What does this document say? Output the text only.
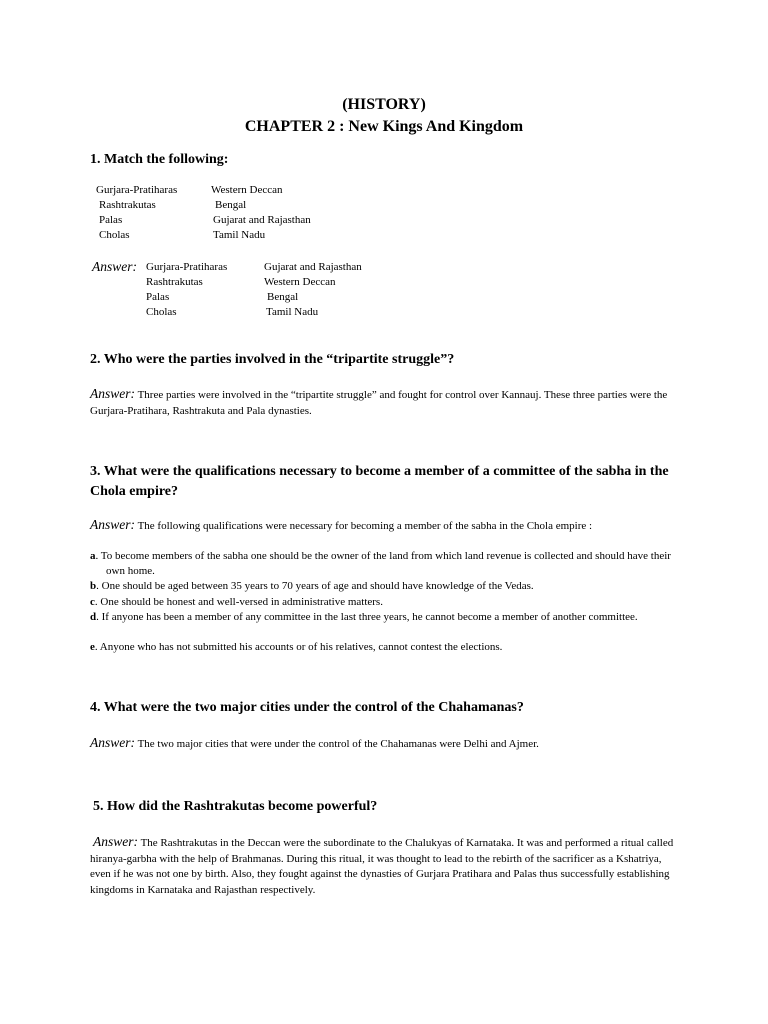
(HISTORY)
CHAPTER 2 : New Kings And Kingdom
1. Match the following:
Gurjara-Pratiharas
Rashtrakutas
Palas
Cholas
Western Deccan
Bengal
Gujarat and Rajasthan
Tamil Nadu
Answer: Gurjara-Pratiharas
Rashtrakutas
Palas
Cholas
Gujarat and Rajasthan
Western Deccan
Bengal
Tamil Nadu
2. Who were the parties involved in the “tripartite struggle”?
Answer: Three parties were involved in the “tripartite struggle” and fought for control over Kannauj. These three parties were the Gurjara-Pratihara, Rashtrakuta and Pala dynasties.
3. What were the qualifications necessary to become a member of a committee of the sabha in the Chola empire?
Answer: The following qualifications were necessary for becoming a member of the sabha in the Chola empire :
a. To become members of the sabha one should be the owner of the land from which land revenue is collected and should have their own home.
b. One should be aged between 35 years to 70 years of age and should have knowledge of the Vedas.
c. One should be honest and well-versed in administrative matters.
d. If anyone has been a member of any committee in the last three years, he cannot become a member of another committee.
e. Anyone who has not submitted his accounts or of his relatives, cannot contest the elections.
4. What were the two major cities under the control of the Chahamanas?
Answer: The two major cities that were under the control of the Chahamanas were Delhi and Ajmer.
5. How did the Rashtrakutas become powerful?
Answer: The Rashtrakutas in the Deccan were the subordinate to the Chalukyas of Karnataka. It was and performed a ritual called hiranya-garbha with the help of Brahmanas. During this ritual, it was thought to lead to the rebirth of the sacrificer as a Kshatriya, even if he was not one by birth. Also, they fought against the dynasties of Gurjara Pratihara and Palas thus successfully establishing kingdoms in Karnataka and Rajasthan respectively.
